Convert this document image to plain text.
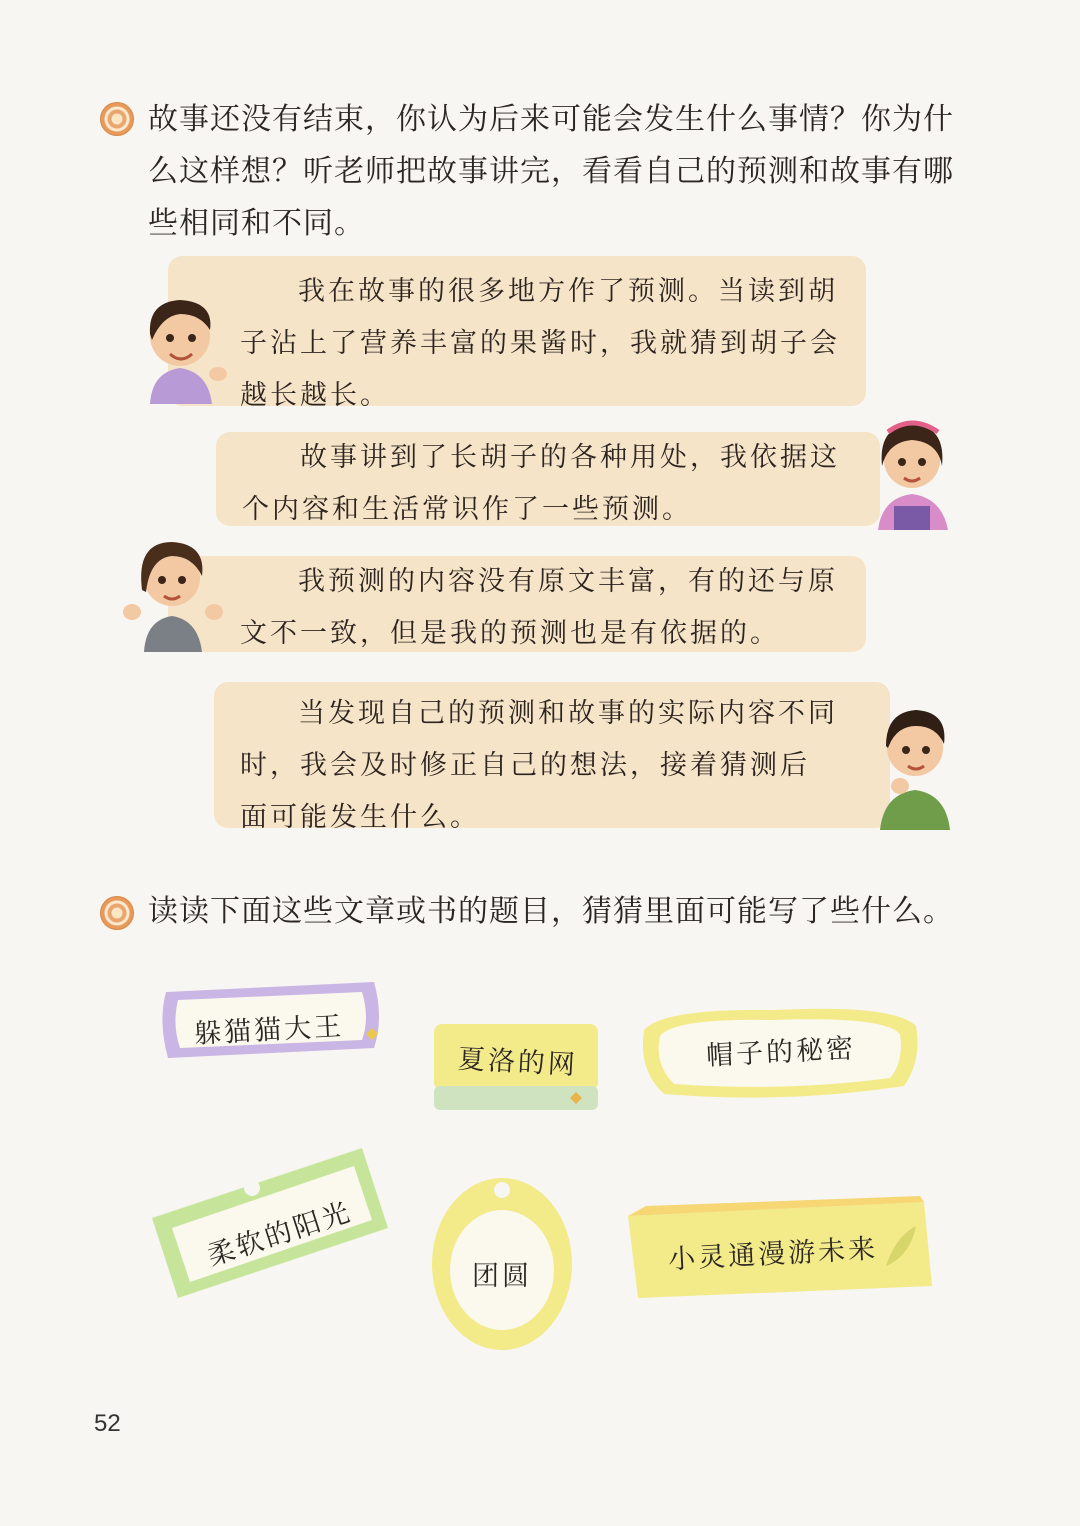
故事还没有结束，你认为后来可能会发生什么事情？你为什么这样想？听老师把故事讲完，看看自己的预测和故事有哪些相同和不同。

我在故事的很多地方作了预测。当读到胡子沾上了营养丰富的果酱时，我就猜到胡子会越长越长。

故事讲到了长胡子的各种用处，我依据这个内容和生活常识作了一些预测。

我预测的内容没有原文丰富，有的还与原文不一致，但是我的预测也是有依据的。

当发现自己的预测和故事的实际内容不同时，我会及时修正自己的想法，接着猜测后面可能发生什么。

读读下面这些文章或书的题目，猜猜里面可能写了些什么。
躲猫猫大王
夏洛的网	帽子的秘密
柔软的阳光
团圆
小灵通漫游未来
52
